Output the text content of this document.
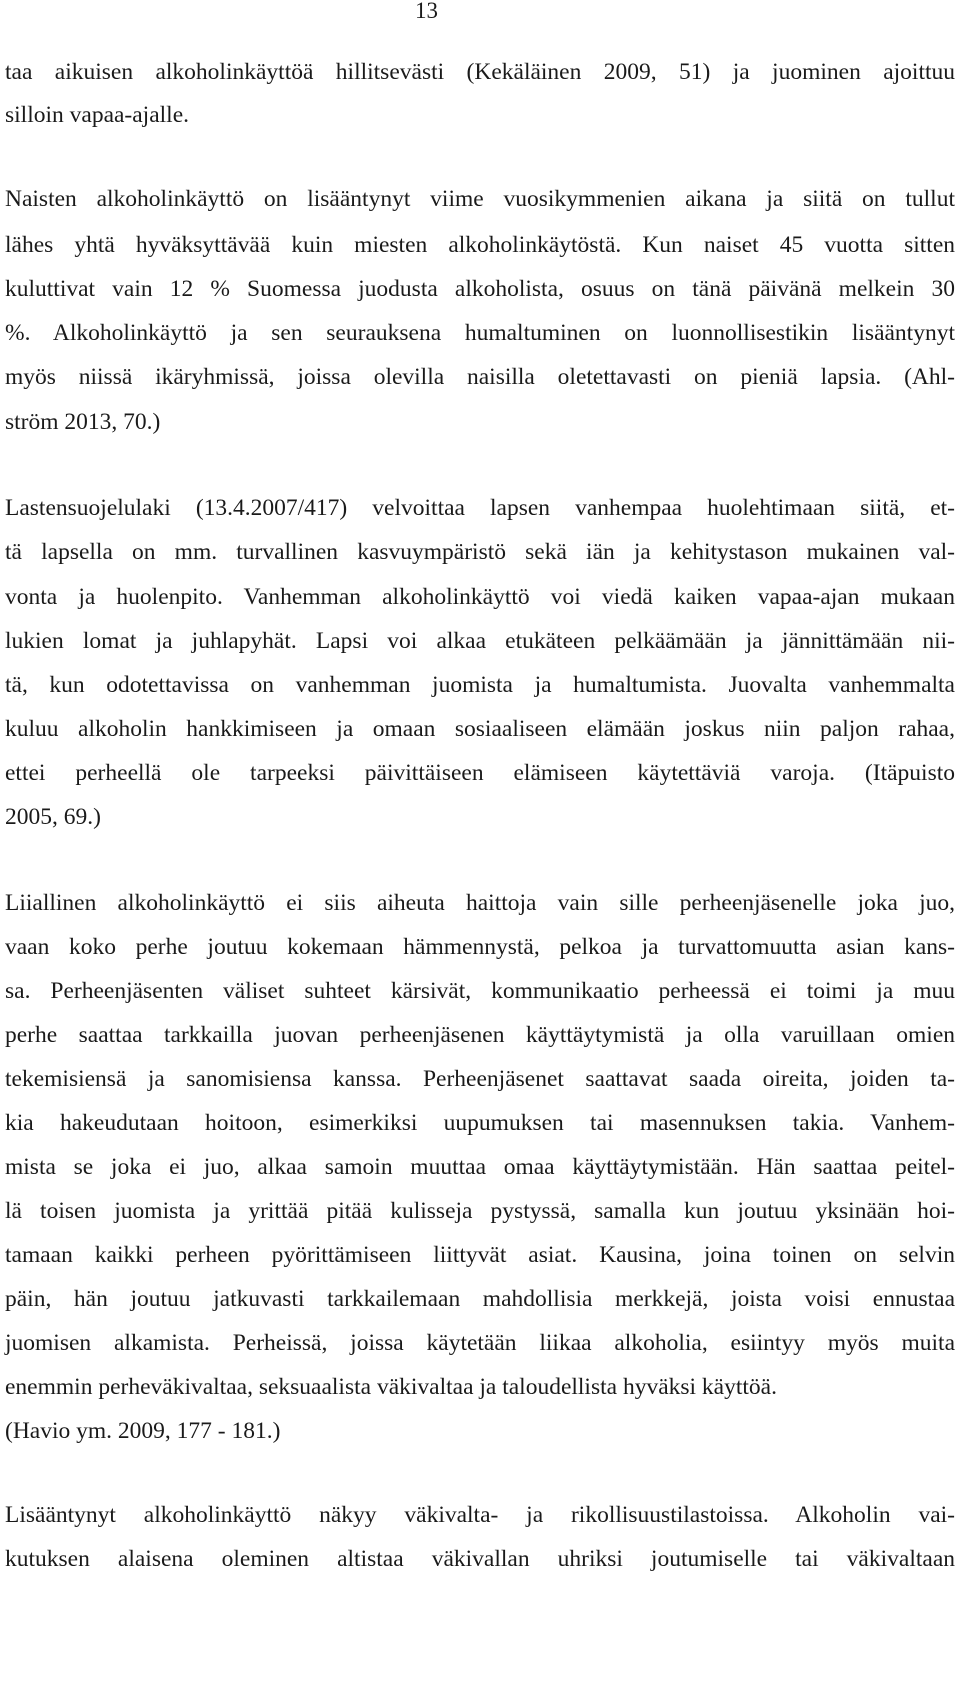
13
taa aikuisen alkoholinkäyttöä hillitsevästi (Kekäläinen 2009, 51) ja juominen ajoittuu
silloin vapaa-ajalle.
Naisten alkoholinkäyttö on lisääntynyt viime vuosikymmenien aikana ja siitä on tullut
lähes yhtä hyväksyttävää kuin miesten alkoholinkäytöstä. Kun naiset 45 vuotta sitten
kuluttivat vain 12 % Suomessa juodusta alkoholista, osuus on tänä päivänä melkein 30
%. Alkoholinkäyttö ja sen seurauksena humaltuminen on luonnollisestikin lisääntynyt
myös niissä ikäryhmissä, joissa olevilla naisilla oletettavasti on pieniä lapsia. (Ahl-
ström 2013, 70.)
Lastensuojelulaki (13.4.2007/417) velvoittaa lapsen vanhempaa huolehtimaan siitä, et-
tä lapsella on mm. turvallinen kasvuympäristö sekä iän ja kehitystason mukainen val-
vonta ja huolenpito. Vanhemman alkoholinkäyttö voi viedä kaiken vapaa-ajan mukaan
lukien lomat ja juhlapyhät. Lapsi voi alkaa etukäteen pelkäämään ja jännittämään nii-
tä, kun odotettavissa on vanhemman juomista ja humaltumista. Juovalta vanhemmalta
kuluu alkoholin hankkimiseen ja omaan sosiaaliseen elämään joskus niin paljon rahaa,
ettei perheellä ole tarpeeksi päivittäiseen elämiseen käytettäviä varoja. (Itäpuisto
2005, 69.)
Liiallinen alkoholinkäyttö ei siis aiheuta haittoja vain sille perheenjäsenelle joka juo,
vaan koko perhe joutuu kokemaan hämmennystä, pelkoa ja turvattomuutta asian kans-
sa. Perheenjäsenten väliset suhteet kärsivät, kommunikaatio perheessä ei toimi ja muu
perhe saattaa tarkkailla juovan perheenjäsenen käyttäytymistä ja olla varuillaan omien
tekemisiensä ja sanomisiensa kanssa. Perheenjäsenet saattavat saada oireita, joiden ta-
kia hakeudutaan hoitoon, esimerkiksi uupumuksen tai masennuksen takia. Vanhem-
mista se joka ei juo, alkaa samoin muuttaa omaa käyttäytymistään. Hän saattaa peitel-
lä toisen juomista ja yrittää pitää kulisseja pystyssä, samalla kun joutuu yksinään hoi-
tamaan kaikki perheen pyörittämiseen liittyvät asiat. Kausina, joina toinen on selvin
päin, hän joutuu jatkuvasti tarkkailemaan mahdollisia merkkejä, joista voisi ennustaa
juomisen alkamista. Perheissä, joissa käytetään liikaa alkoholia, esiintyy myös muita
enemmin perheväkivaltaa, seksuaalista väkivaltaa ja taloudellista hyväksi käyttöä.
(Havio ym. 2009, 177 - 181.)
Lisääntynyt alkoholinkäyttö näkyy väkivalta- ja rikollisuustilastoissa. Alkoholin vai-
kutuksen alaisena oleminen altistaa väkivallan uhriksi joutumiselle tai väkivaltaan
